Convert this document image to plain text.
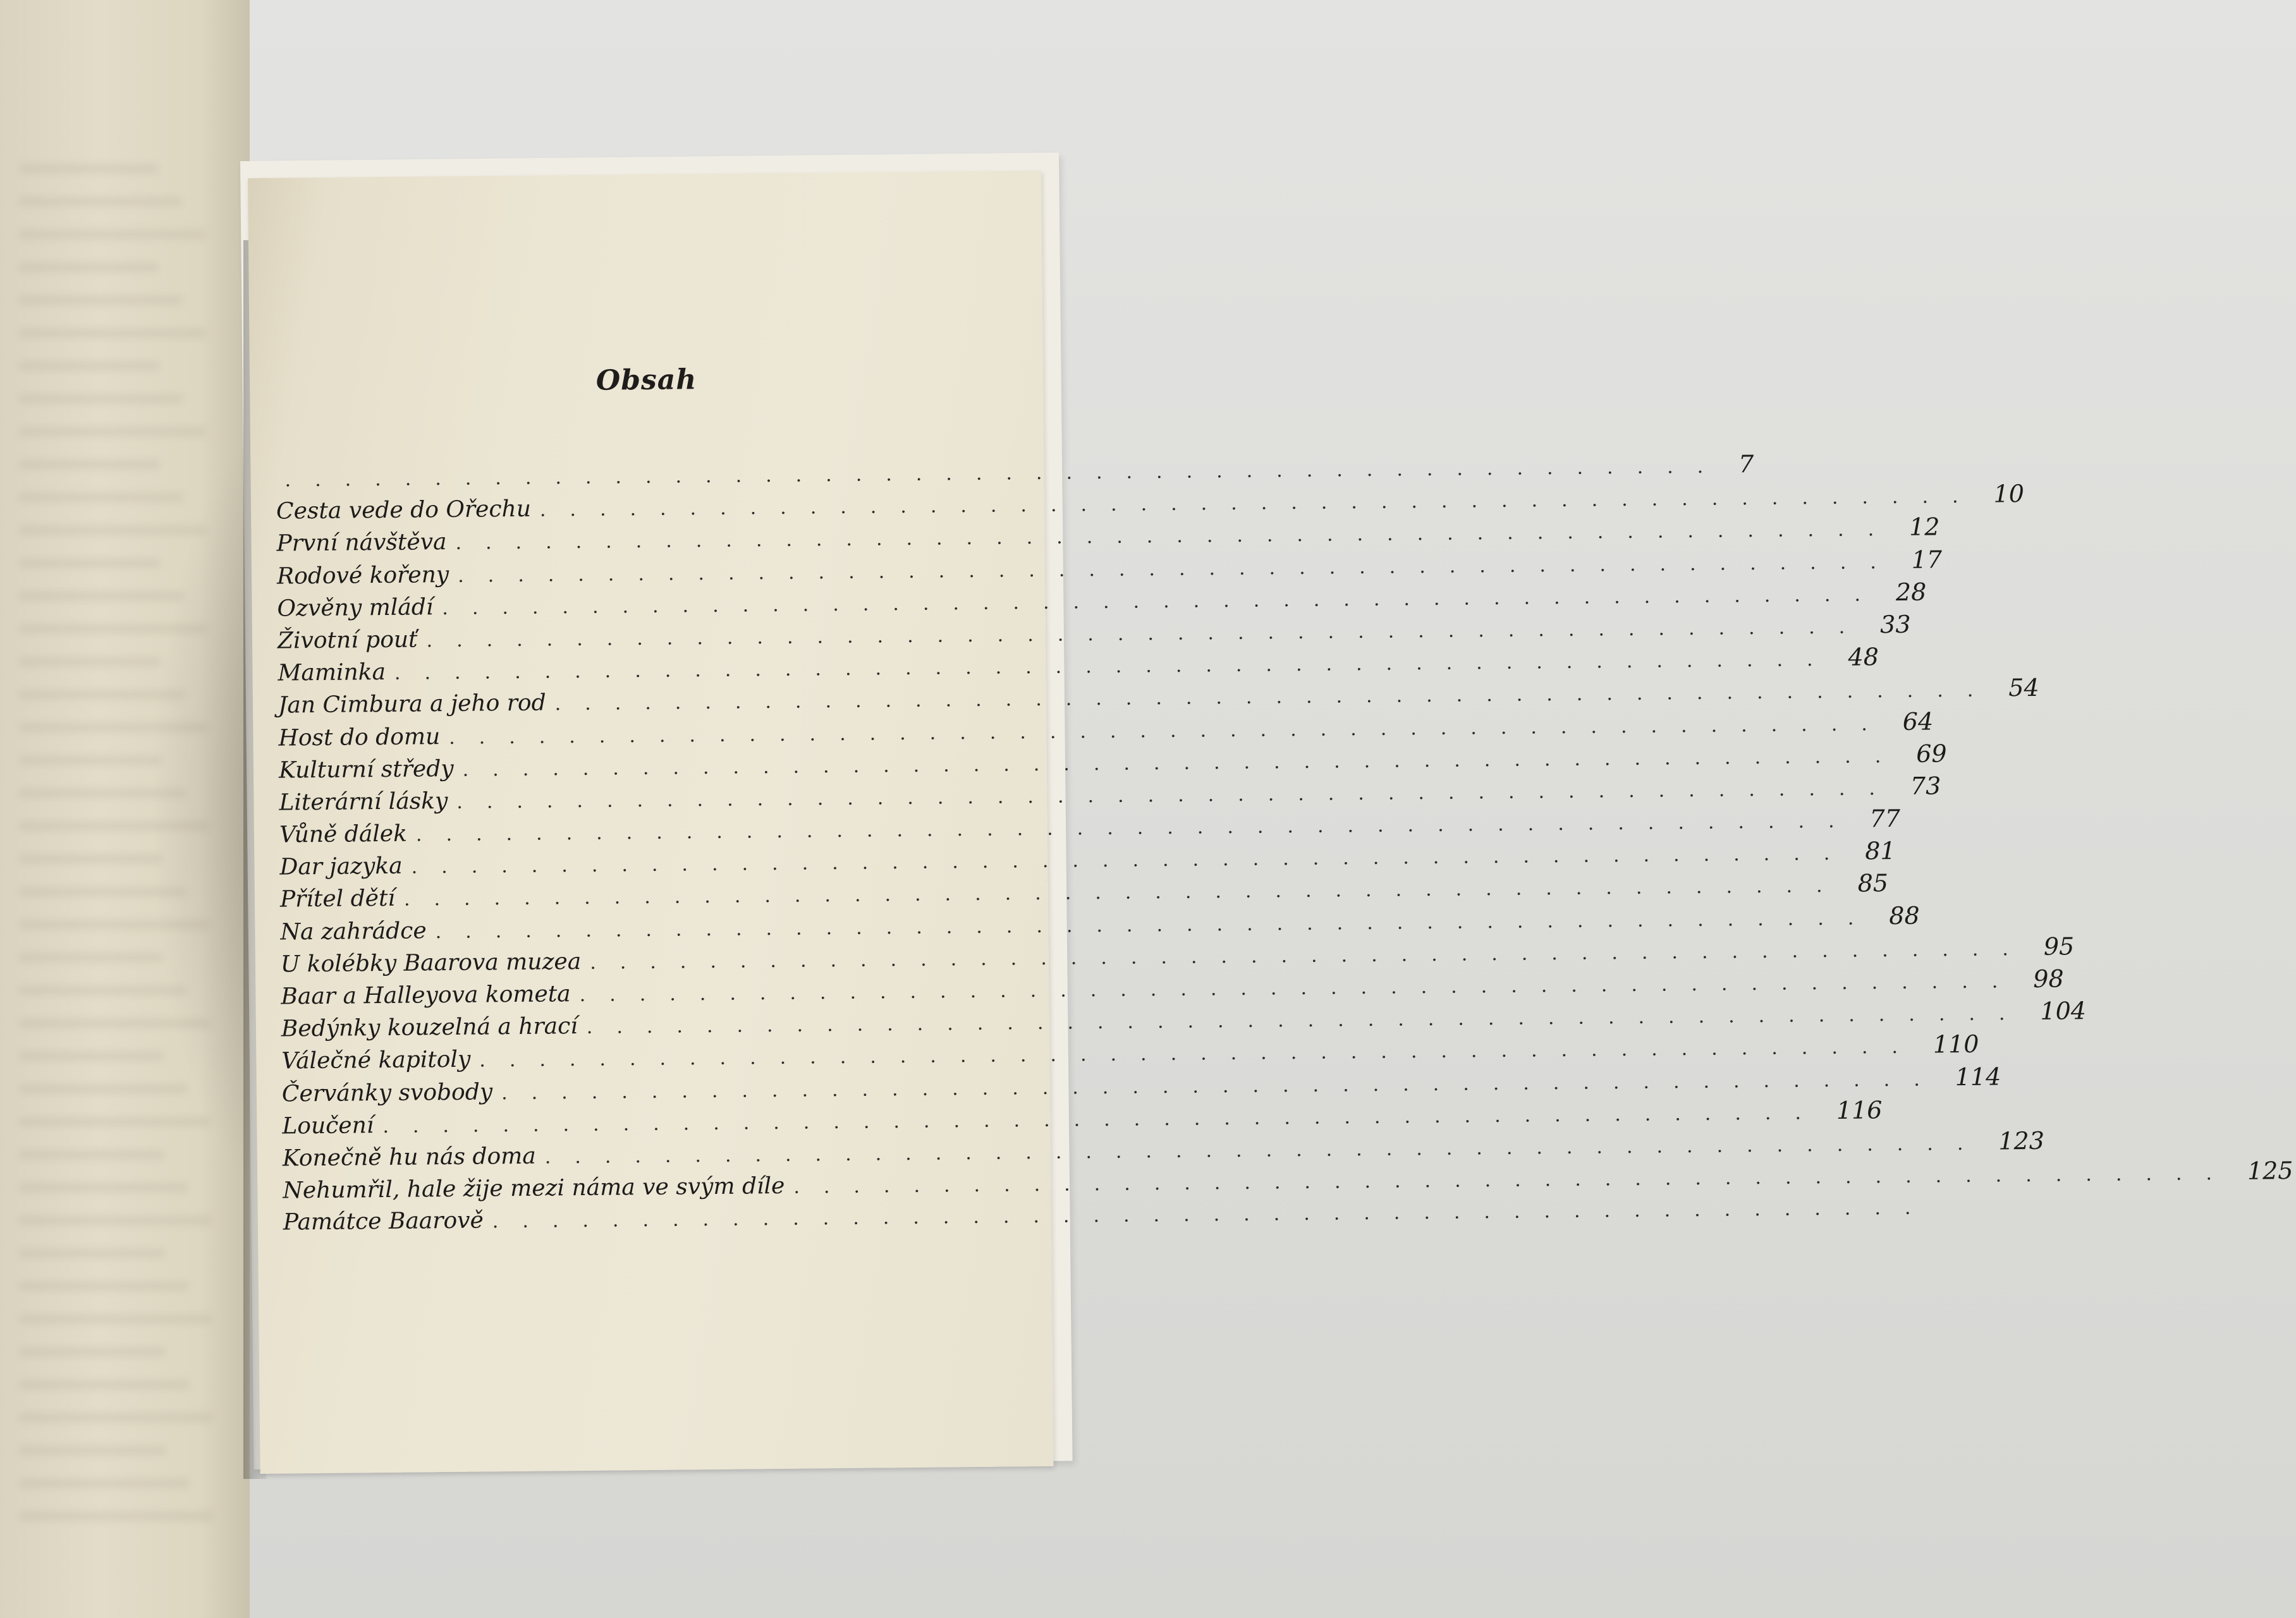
Obsah
................................................ 7
Cesta vede do Ořechu ................................................ 10
První návštěva ................................................ 12
Rodové kořeny ................................................ 17
Ozvěny mládí ................................................ 28
Životní pouť ................................................ 33
Maminka ................................................ 48
Jan Cimbura a jeho rod ................................................ 54
Host do domu ................................................ 64
Kulturní středy ................................................ 69
Literární lásky ................................................ 73
Vůně dálek ................................................ 77
Dar jazyka ................................................ 81
Přítel dětí ................................................ 85
Na zahrádce ................................................ 88
U kolébky Baarova muzea ................................................ 95
Baar a Halleyova kometa ................................................ 98
Bedýnky kouzelná a hrací ................................................ 104
Válečné kapitoly ................................................ 110
Červánky svobody ................................................ 114
Loučení ................................................ 116
Konečně hu nás doma ................................................ 123
Nehumřil, hale žije mezi náma ve svým díle ................................................ 125
Památce Baarově ................................................
